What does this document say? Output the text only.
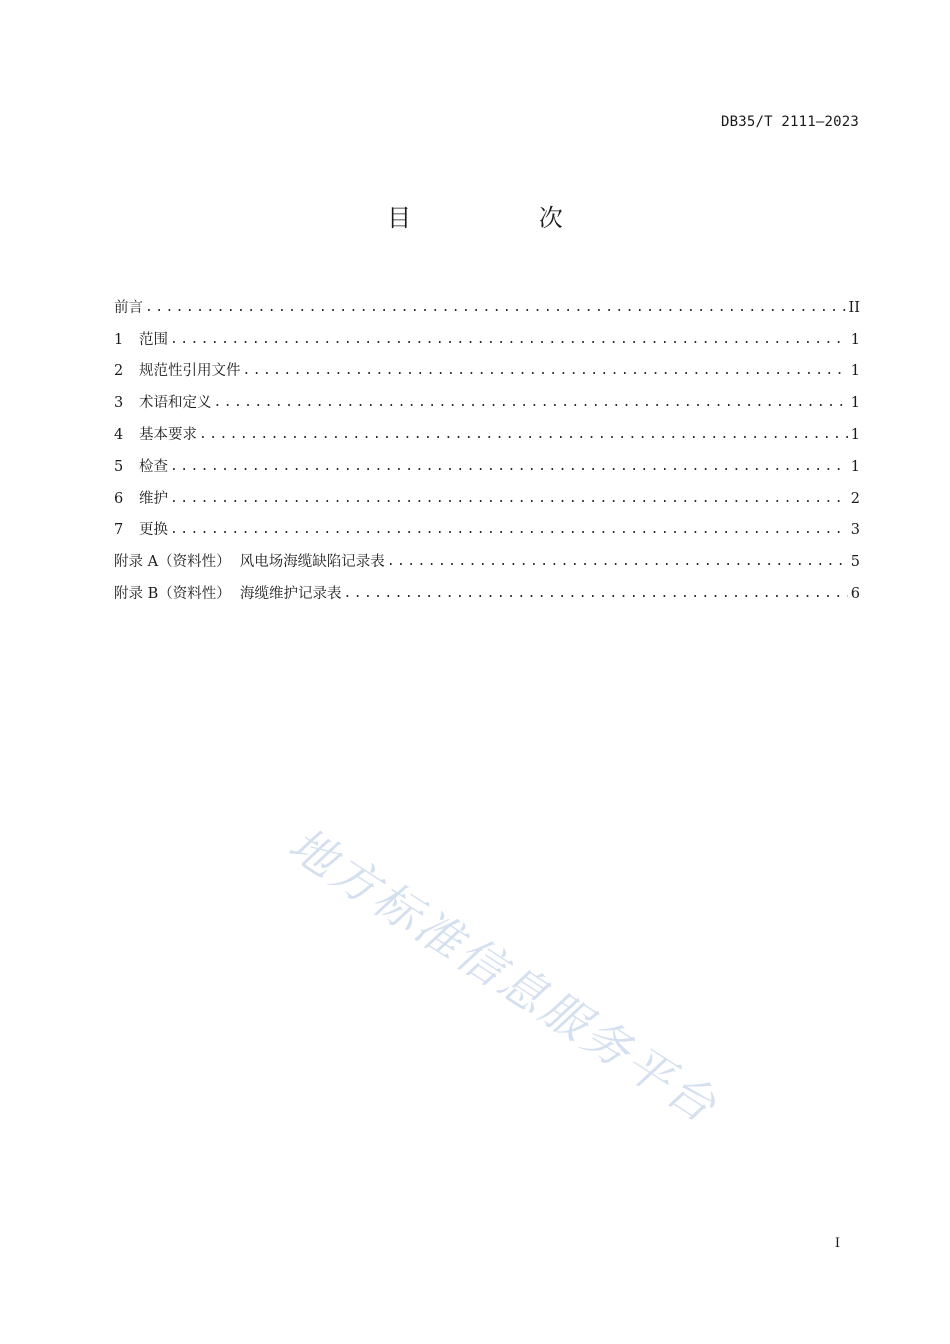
DB35/T 2111—2023
目 次
前言 .....	II
1	范围 .....	1
2	规范性引用文件 .....	1
3	术语和定义 .....	1
4	基本要求 .....	1
5	检查 .....	1
6	维护 .....	2
7	更换 .....	3
附录 A（资料性）  风电场海缆缺陷记录表 .....	5
附录 B（资料性）  海缆维护记录表 .....	6
地方标准信息服务平台
I
